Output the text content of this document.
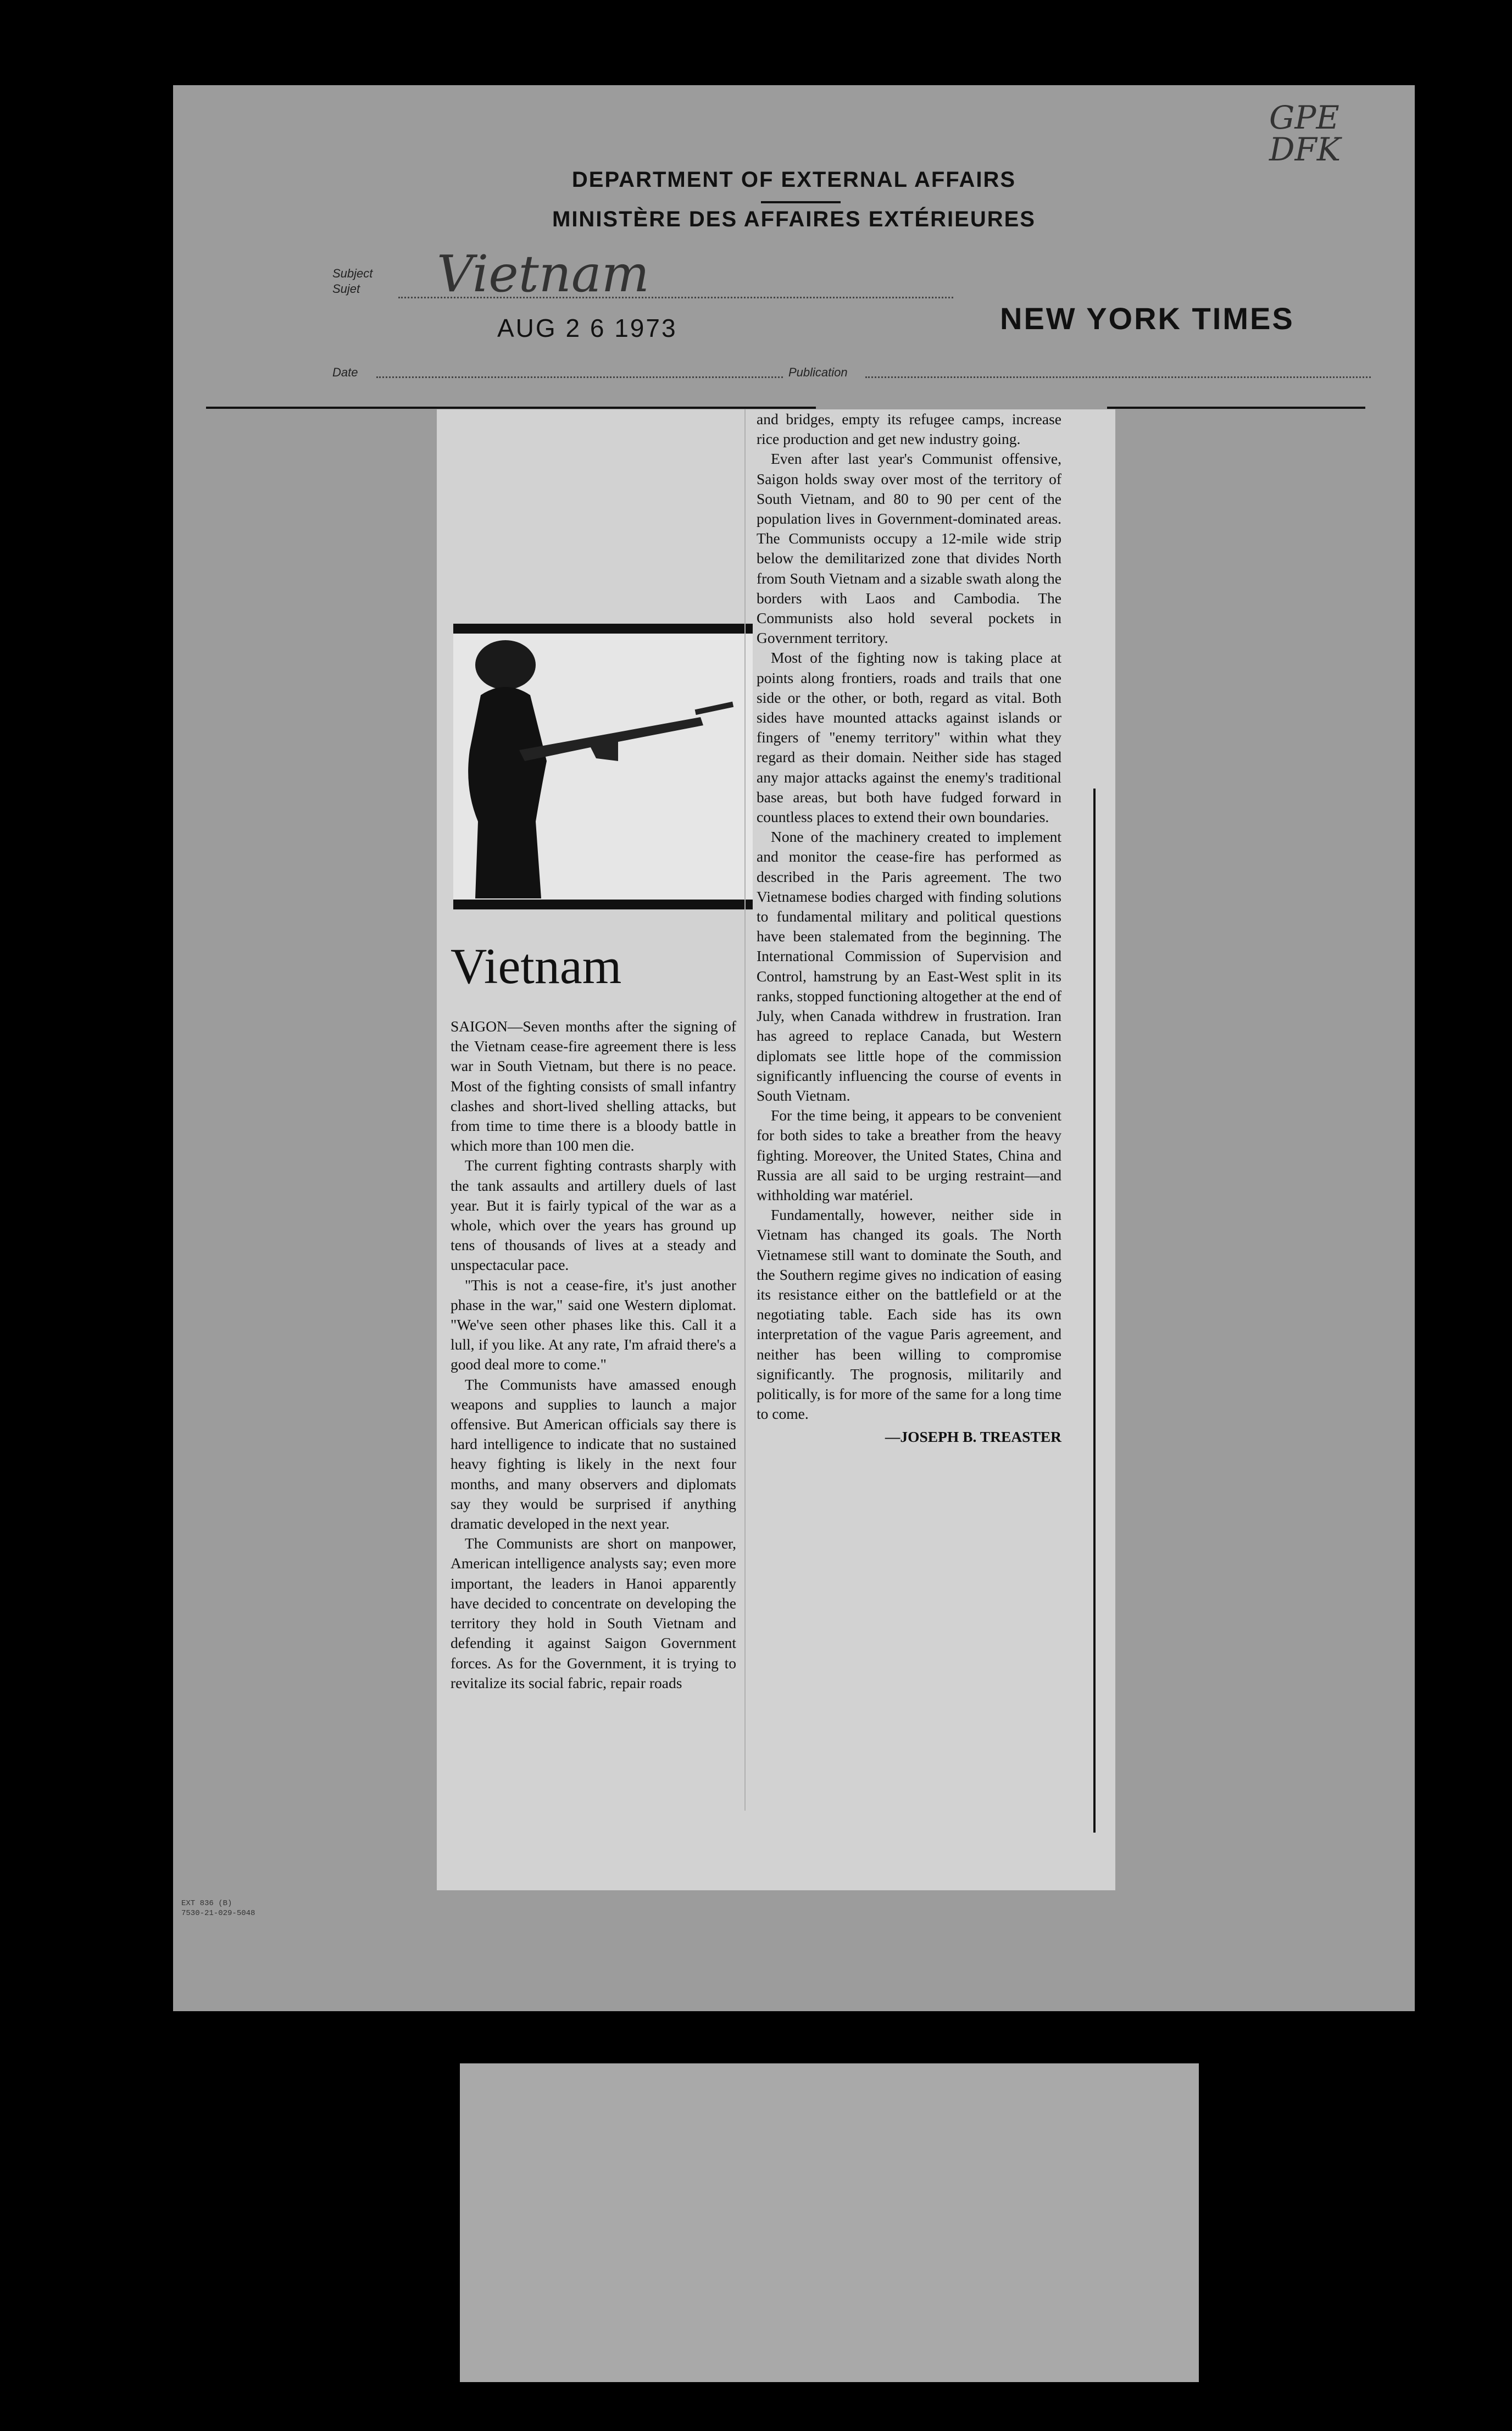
DEPARTMENT OF EXTERNAL AFFAIRS
MINISTÈRE DES AFFAIRES EXTÉRIEURES
GPE DFK
Subject
Sujet Vietnam
AUG 2 6 1973	NEW YORK TIMES
Date	Publication
Vietnam

SAIGON—Seven months after the signing of the Vietnam cease-fire agreement there is less war in South Vietnam, but there is no peace. Most of the fighting consists of small infantry clashes and short-lived shelling attacks, but from time to time there is a bloody battle in which more than 100 men die.

The current fighting contrasts sharply with the tank assaults and artillery duels of last year. But it is fairly typical of the war as a whole, which over the years has ground up tens of thousands of lives at a steady and unspectacular pace.

"This is not a cease-fire, it's just another phase in the war," said one Western diplomat. "We've seen other phases like this. Call it a lull, if you like. At any rate, I'm afraid there's a good deal more to come."

The Communists have amassed enough weapons and supplies to launch a major offensive. But American officials say there is hard intelligence to indicate that no sustained heavy fighting is likely in the next four months, and many observers and diplomats say they would be surprised if anything dramatic developed in the next year.

The Communists are short on manpower, American intelligence analysts say; even more important, the leaders in Hanoi apparently have decided to concentrate on developing the territory they hold in South Vietnam and defending it against Saigon Government forces. As for the Government, it is trying to revitalize its social fabric, repair roads

and bridges, empty its refugee camps, increase rice production and get new industry going.

Even after last year's Communist offensive, Saigon holds sway over most of the territory of South Vietnam, and 80 to 90 per cent of the population lives in Government-dominated areas. The Communists occupy a 12-mile wide strip below the demilitarized zone that divides North from South Vietnam and a sizable swath along the borders with Laos and Cambodia. The Communists also hold several pockets in Government territory.

Most of the fighting now is taking place at points along frontiers, roads and trails that one side or the other, or both, regard as vital. Both sides have mounted attacks against islands or fingers of "enemy territory" within what they regard as their domain. Neither side has staged any major attacks against the enemy's traditional base areas, but both have fudged forward in countless places to extend their own boundaries.

None of the machinery created to implement and monitor the cease-fire has performed as described in the Paris agreement. The two Vietnamese bodies charged with finding solutions to fundamental military and political questions have been stalemated from the beginning. The International Commission of Supervision and Control, hamstrung by an East-West split in its ranks, stopped functioning altogether at the end of July, when Canada withdrew in frustration. Iran has agreed to replace Canada, but Western diplomats see little hope of the commission significantly influencing the course of events in South Vietnam.

For the time being, it appears to be convenient for both sides to take a breather from the heavy fighting. Moreover, the United States, China and Russia are all said to be urging restraint—and withholding war matériel.

Fundamentally, however, neither side in Vietnam has changed its goals. The North Vietnamese still want to dominate the South, and the Southern regime gives no indication of easing its resistance either on the battlefield or at the negotiating table. Each side has its own interpretation of the vague Paris agreement, and neither has been willing to compromise significantly. The prognosis, militarily and politically, is for more of the same for a long time to come.

—JOSEPH B. TREASTER
EXT 836 (B)
7530-21-029-5048
